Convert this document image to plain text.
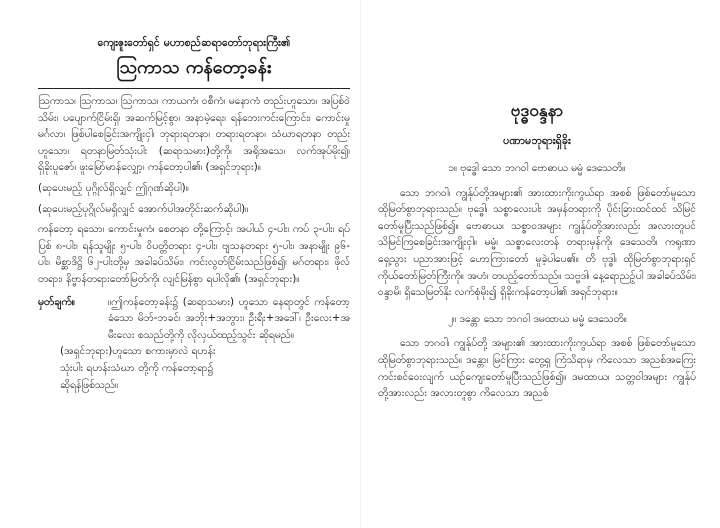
ကျေးဇူးတော်ရှင် မဟာစည်ဆရာတော်ဘုရားကြီး၏
ဩကာသ ကန်တော့ခန်း

ဩကာသ၊ ဩကာသ၊ ဩကာသ၊ ကာယကံ၊ ဝစီကံ၊ မနောကံ တည်းဟူသော၊ အပြစ်ဝဲသိမ်း၊ ပပျောက်ငြိမ်းရှိ၊ အဆက်မြင့်စွာ၊ အနာမဲ့ရေး၊ ရန်ဘေးကင်းကြောင်း၊ ကောင်းမှုမင်္ဂလာ၊ ဖြစ်ပါစေခြင်းအကျိုးငှါ၊ ဘုရားရတနာ၊ တရားရတနာ၊ သံဃာရတနာ တည်းဟူသော၊ ရတနာမြတ်သုံးပါး (ဆရာသမား)တို့ကို၊ အရိုအသေ၊ လက်အုပ်မိုး၍၊ ရှိခိုးပူဇော်၊ ဖူးမြော်မာန်လျှော့၊ ကန်တော့ပါ၏၊ (အရှင်ဘုရား)။

(ဆုပေးမည့် ပုဂ္ဂိုလ်ရှိလျှင် ဤဂုဏ်ဆိုပါ)။

(ဆုပေးမည့်ပုဂ္ဂိုလ်မရှိလျှင် အောက်ပါအတိုင်းဆက်ဆိုပါ)။

ကန်တော့ ရသော၊ ကောင်းမှုကံ၊ စေတနာ တို့ကြောင့်၊ အပါယ် ၄-ပါး၊ ကပ် ၃-ပါး၊ ရပ်ပြစ် ၈-ပါး၊ ရန်သူမျိုး ၅-ပါး၊ ဝိပတ္တိတရား ၄-ပါး၊ ဗျသနတရား ၅-ပါး၊ အနာမျိုး ၉၆-ပါး၊ မိစ္ဆာဒိဋ္ဌိ ၆၂-ပါးတို့မှ အခါခပ်သိမ်း၊ ကင်းလွတ်ငြိမ်းသည်ဖြစ်၍၊ မဂ်တရား၊ ဖိုလ်တရား၊ နိဗ္ဗာန်တရားတော်မြတ်ကို၊ လျင်မြန်စွာ ရပါလို၏၊ (အရှင်ဘုရား)။

မှတ်ချက်။	။ဤကန်တော့ခန်း၌ (ဆရာသမား) ဟူသော နေရာတွင် ကန်တော့ ခံသော မိဘ်-ဘခင်၊ အဘိုး+အဘွား၊ ဦးရီး+အဒေါ်၊ ဦးလေး+အမီးလေး စသည်တို့ကို လိုလှယ်ထည့်သွင်း ဆိုရမည်။

(အရှင်ဘုရား)ဟူသော စကားမှာလဲ ရဟန်း

သုံးပါး ရဟန်းသံဃာ တို့ကို ကန်တော့ရာ၌

ဆိုရန်ဖြစ်သည်။

ဗုဒ္ဓဝန္ဒနာ
ပဏာမဘုရားရှိခိုး
၁။ ဗုဒ္ဓေါ သော ဘဂဝါ ဗောဓာယ မမ္မံ ဒေသေတိ။

သော ဘဂဝါ၊ ကျွန်ုပ်တို့အများ၏ အားထားကိုးကွယ်ရာ အစစ် ဖြစ်တော်မူသော ထိုမြတ်စွာဘုရားသည်။ ဗုဒ္ဓေါ၊ သစ္စာလေးပါး အမှန်တရားကို ပိုင်းခြားထင်ထင် သိမြင်တော်မူပြီးသည်ဖြစ်၍။ ဗောဓာယ၊ သစ္စာ၀အများ ကျွန်ုပ်တို့အားလည်း အလားတူပင် သိမြင်ကြစေခြင်းအကျိုးငှါ။ မမ္မံ၊ သစ္စာလေးတန် တရားမှန်ကို၊ ဒေသေတိ၊ ကရုဏာရှေ့သွား ပညာအားဖြင့် ဟောကြားတော် မူခဲ့ပါပေ၏။ တိ ဗုဒ္ဓါ၊ ထိုမြတ်စွာဘုရားရှင်ကိုယ်တော်မြတ်ကြီးကို။ အဟံ၊ တပည့်တော်သည်။ သဗ္ဗဒါ၊ နေ့ရောညဉ့်ပါ အခါခပ်သိမ်း၊ ဝန္ဒာမိ၊ ရှိသေမြတ်နိုး လက်စုံမိုး၍ ရှိခိုးကန်တော့ပါ၏ အရှင်ဘုရား။

၂။ ဒန္တော သော ဘဂဝါ ဒမထာယ မမ္မံ ဒေသေတိ။

သော ဘဂဝါ၊ ကျွန်ုပ်တို့ အများ၏ အားထားကိုးကွယ်ရာ အစစ် ဖြစ်တော်မူသော ထိုမြတ်စွာဘုရားသည်။ ဒန္တော၊ မြင်ကြား တွေ့ရှ ကြံသိရာမှ ကိလေသာ အညစ်အကြေး ကင်းစင်ဝေးလျက် ယဉ်ကျေးတော်မူပြီးသည်ဖြစ်၍။ ဒမထာယ၊ သတ္တဝါအများ ကျွန်ုပ်တို့အားလည်း အလားတူစွာ ကိလေသာ အညစ်
